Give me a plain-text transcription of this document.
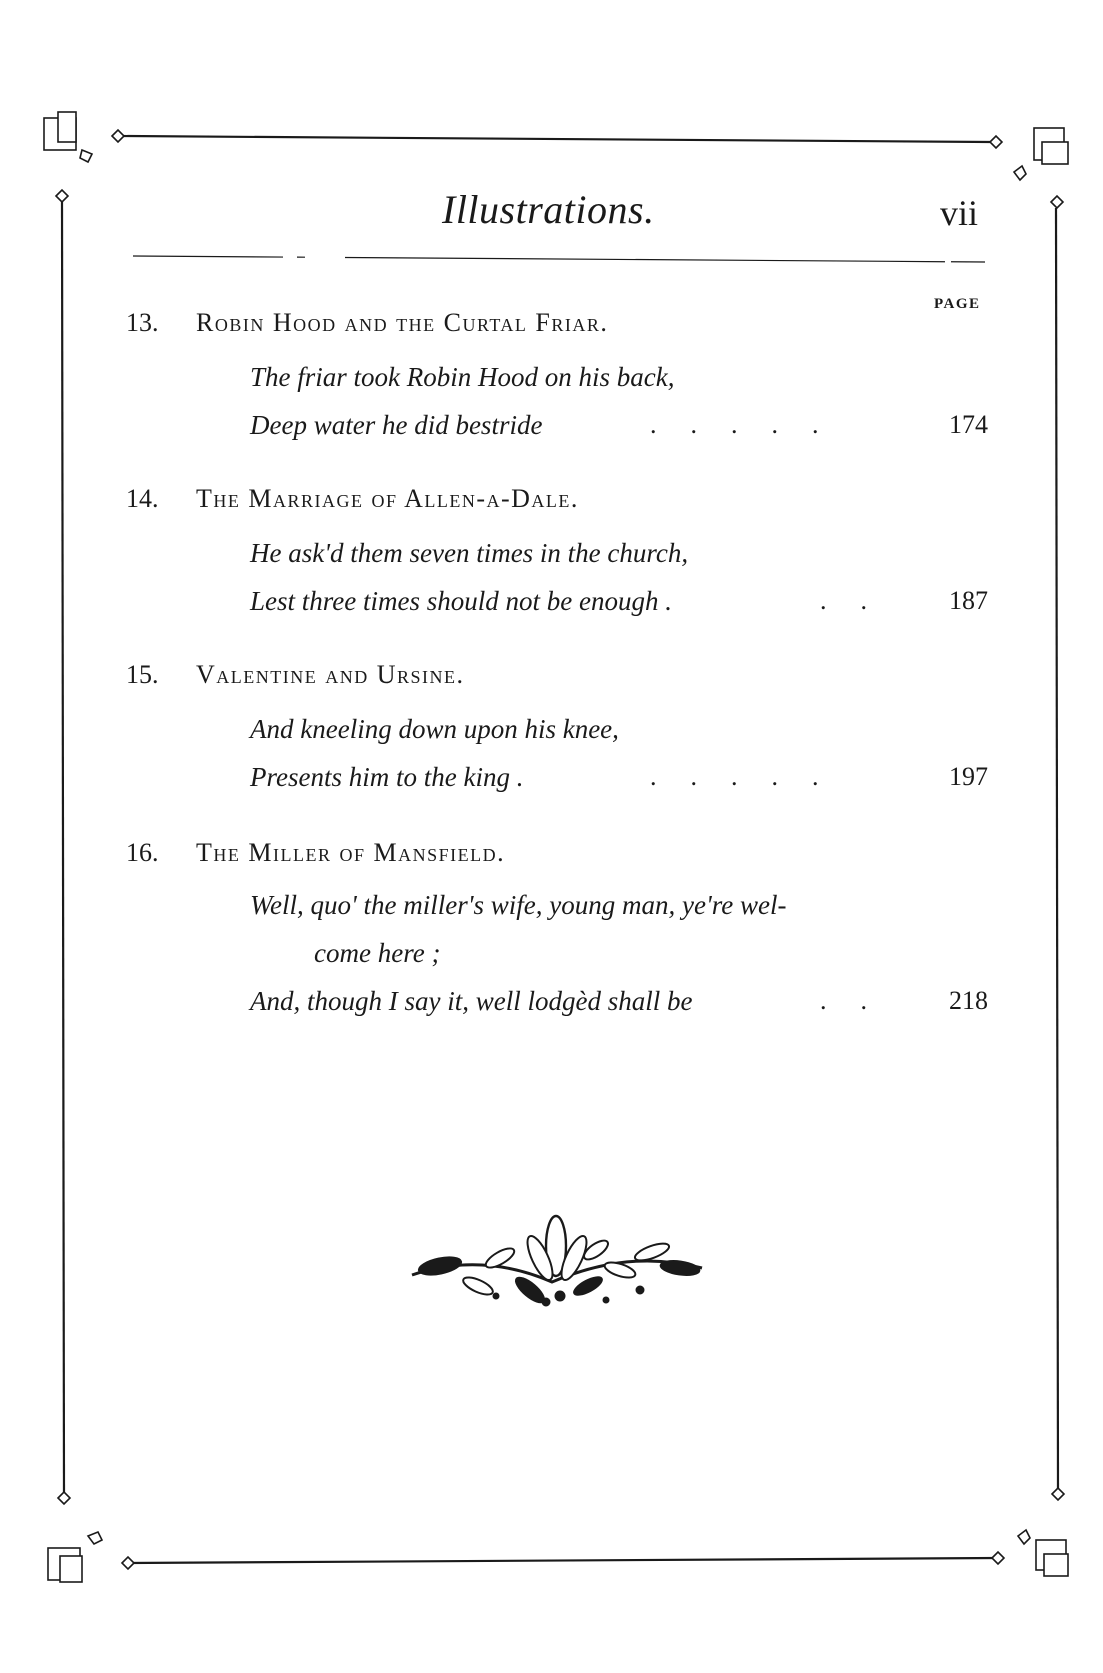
Illustrations.	vii
PAGE
13. Robin Hood and the Curtal Friar.
The friar took Robin Hood on his back,
Deep water he did bestride	.....	174
14. The Marriage of Allen-a-Dale.
He ask'd them seven times in the church,
Lest three times should not be enough .	..	187
15. Valentine and Ursine.
And kneeling down upon his knee,
Presents him to the king .	.....	197
16. The Miller of Mansfield.
Well, quo' the miller's wife, young man, ye're wel-
come here ;
And, though I say it, well lodgèd shall be	..	218
